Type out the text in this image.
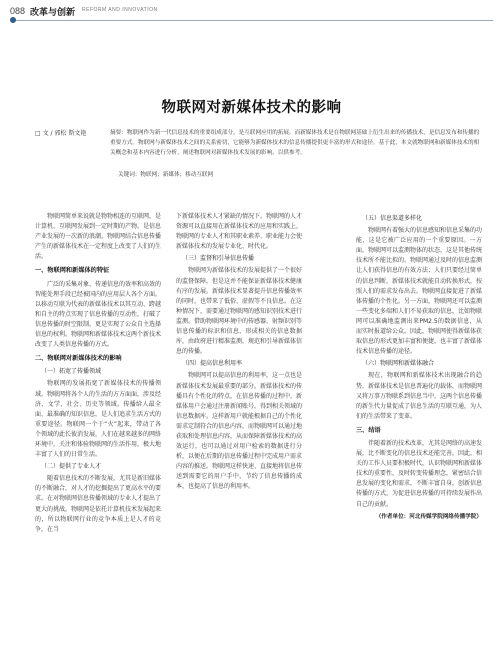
088 改革与创新 REFORM AND INNOVATION
物联网对新媒体技术的影响
□ 文 / 郭松 斯文艳	摘要：物联网作为新一代信息技术的重要组成部分，是互联网应用的拓展。而新媒体技术是在物联网基础上衍生出来的传播技术，是信息发布和传播的重要方式。物联网与新媒体技术之间的关系密切，它能够为新媒体技术的信息传播提供更丰富的形式和途径。基于此，本文就物联网和新媒体技术的相关概念和基本内容进行分析，阐述物联网对新媒体技术发展的影响，以供参考。
关键词：物联网；新媒体；移动互联网

物联网简单来说就是物物相连的互联网，是计算机、互联网发展到一定时期的产物。是信息产业发展的一次新的浪潮。物联网结合信息传播产生的新媒体技术在一定程度上改变了人们的生活。

一、物联网和新媒体的特征

广泛的采集对象、传递信息的效率和高效的智能处理手段已经被国内的应用层人各个方面。以移动互联为代表的新媒体技术以其互动、跨越和自主的特点实现了信息传播的互动性，打破了信息传播的时空限制，更是实现了公众自主选择信息的权利。物联网和新媒体技术这两个新技术改变了人类信息传播的方式。

二、物联网对新媒体技术的影响
（一）拓宽了传播领域

物联网的发展拓宽了新媒体技术的传播领域。物联网将各个人的生活的方方面面，涉及经济、文学、社会、历史等领域。传播给人最全面、最准确的知识信息，是人们追求生活方式的重要途径。物联网一个于“火”起来，带动了各个领域的此长彼消发展，人们在越来越多的网络环境中，关注和体验物联网的生活作用，极大地丰富了人们的日常生活。

（二）提供了专业人才

随着信息技术的不断发展，尤其是新旧媒体的不断融合，对人才的挖掘提出了更高水平的要求。在对物联网信息传播领域的专业人才提出了更大的挑战。物联网是依托计算机技术发展起来的，所以物联网行业的竞争本质上是人才的竞争，在当

下新媒体技术人才紧缺的情况下。物联网的人才资源可以直接用在新媒体技术的应用和实践上，物联网的专业人才和其职业素养、职业能力会使新媒体技术的发展专业化、时代化。

（三）监督和引导信息传播

物联网为新媒体技术的发展提供了一个很好的监督保障，但是这并不能保证新媒体技术健康有序的发展。新媒体技术显著提升信息传播效率的同时，也带来了低俗、虚假等不良信息。在这种情况下，需要通过物联网的感知识别技术进行监测。借助物联网环境中的传感器、射频识别等信息传播的标识和信息，形成相关的信息数据库，由政府进行精准监测，规范和引导新媒体信息的传播。

（四）提高信息利用率

物联网可以提高信息的利用率，这一点也是新媒体技术发展最重要的部分。新媒体技术的传播具有个性化的特点，在信息传播的过程中，新媒体用户会通过注册新闻账号，得到相关领域的信息数据库。这样新用户就能根据自己的个性化需求定制符合的信息内容，而物联网可以通过地获取和处理信息内容，从而保障新媒体技术的高效运行，也可以通过对用户检索的数据进行分析，以便在后期的信息传播过程中完成用户需求内容的推送。物联网这样快速、直接地将信息传送到需要它的用户手中，节约了信息传播的成本，也提高了信息的利用率。

（五）信息渠道多样化

物联网有着强大的信息感知和信息采集的功能，这是它被广泛应用的一个重要原因。一方面，物联网可以监测物体的状态，这是其他传统技术所不能比拟的。物联网通过及时的信息监测让人们获得信息的有效方法；人们只要经过简单的信息判断，新媒体技术就能自动转换形式，按照人们的需求发布出去。物联网直接促进了新媒体传播的个性化。另一方面，物联网还可以监测一些变化多端和人们不易获取的信息，比如物联网可以准确地监测出来PM2.5的数据信息，从而实时报道给公众。因此，物联网使得新媒体获取信息的形式更加丰富和便捷，也丰富了新媒体技术信息传播的途径。

（六）物联网和新媒体融合

现在，物联网和新媒体技术出现融合的趋势，新媒体技术是信息普遍化的载体，而物联网又将万事万物联系到信息当中，这两个信息传播的新生代力量促成了信息生活的互联互通，为人们的生活带来了变革。

三、结语

伴随着新的技术改革，尤其是网络的高速发展，比不断变化的信息技术还能完善。因此，相关的工作人员要积极时代，认识物联网和新媒体技术的重要性，及时转变传播理念，紧密结合信息发展的变化和需求，不断丰富自身，创新信息传播的方式，为促进信息传播的可持续发展作出自己的贡献。

（作者单位：河北传媒学院网络传播学院）
